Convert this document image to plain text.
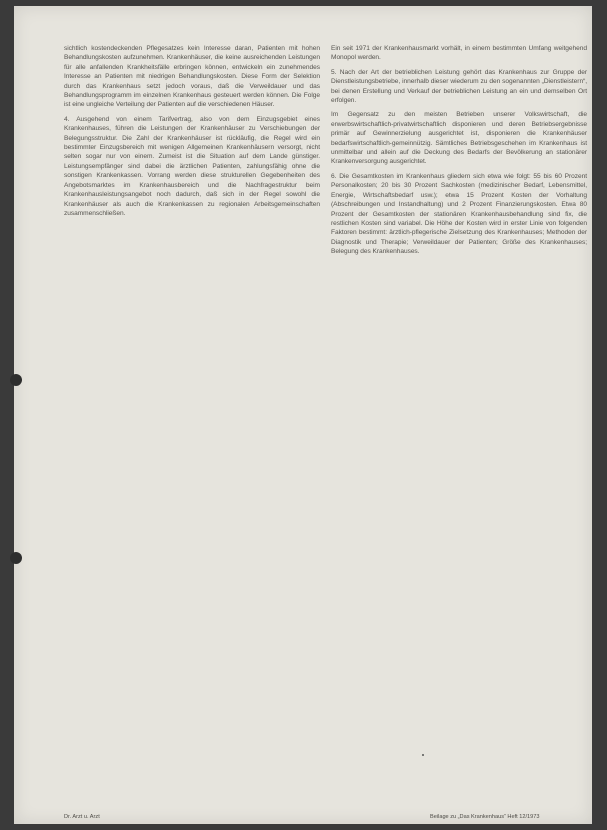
sichtlich kostendeckenden Pflegesatzes kein Interesse daran, Patienten mit hohen Behandlungskosten aufzunehmen. Krankenhäuser, die keine ausreichenden Leistungen für alle anfallenden Krankheitsfälle erbringen können, entwickeln ein zunehmendes Interesse an Patienten mit niedrigen Behandlungskosten. Diese Form der Selektion durch das Krankenhaus setzt jedoch voraus, daß die Verweildauer und das Behandlungsprogramm im einzelnen Krankenhaus gesteuert werden können. Die Folge ist eine ungleiche Verteilung der Patienten auf die verschiedenen Häuser.

4. Ausgehend von einem Tarifvertrag, also von dem Einzugsgebiet eines Krankenhauses, führen die Leistungen der Krankenhäuser zu Verschiebungen der Belegungsstruktur. Die Zahl der Krankenhäuser ist rückläufig, die Regel wird ein bestimmter Einzugsbereich mit wenigen Allgemeinen Krankenhäusern versorgt, nicht selten sogar nur von einem. Zumeist ist die Situation auf dem Lande günstiger. Leistungsempfänger sind dabei die ärztlichen Patienten, zahlungsfähig ohne die sonstigen Krankenkassen. Vorrang werden diese strukturellen Gegebenheiten des Angebotsmarktes im Krankenhausbereich und die Nachfragestruktur beim Krankenhausleistungsangebot noch dadurch, daß sich in der Regel sowohl die Krankenhäuser als auch die Krankenkassen zu regionalen Arbeitsgemeinschaften zusammenschließen.

Ein seit 1971 der Krankenhausmarkt vorhält, in einem bestimmten Umfang weitgehend Monopol werden.

5. Nach der Art der betrieblichen Leistung gehört das Krankenhaus zur Gruppe der Dienstleistungsbetriebe, innerhalb dieser wiederum zu den sogenannten „Dienstleistern“, bei denen Erstellung und Verkauf der betrieblichen Leistung an ein und demselben Ort erfolgen.

Im Gegensatz zu den meisten Betrieben unserer Volkswirtschaft, die erwerbswirtschaftlich-privatwirtschaftlich disponieren und deren Betriebsergebnisse primär auf Gewinnerzielung ausgerichtet ist, disponieren die Krankenhäuser bedarfswirtschaftlich-gemeinnützig. Sämtliches Betriebsgeschehen im Krankenhaus ist unmittelbar und allein auf die Deckung des Bedarfs der Bevölkerung an stationärer Krankenversorgung ausgerichtet.

6. Die Gesamtkosten im Krankenhaus gliedern sich etwa wie folgt: 55 bis 60 Prozent Personalkosten; 20 bis 30 Prozent Sachkosten (medizinischer Bedarf, Lebensmittel, Energie, Wirtschaftsbedarf usw.); etwa 15 Prozent Kosten der Vorhaltung (Abschreibungen und Instandhaltung) und 2 Prozent Finanzierungskosten. Etwa 80 Prozent der Gesamtkosten der stationären Krankenhausbehandlung sind fix, die restlichen Kosten sind variabel. Die Höhe der Kosten wird in erster Linie von folgenden Faktoren bestimmt: ärztlich-pflegerische Zielsetzung des Krankenhauses; Methoden der Diagnostik und Therapie; Verweildauer der Patienten; Größe des Krankenhauses; Belegung des Krankenhauses.

Dr. Arzt u. Arzt	Beilage zu „Das Krankenhaus“ Heft 12/1973
